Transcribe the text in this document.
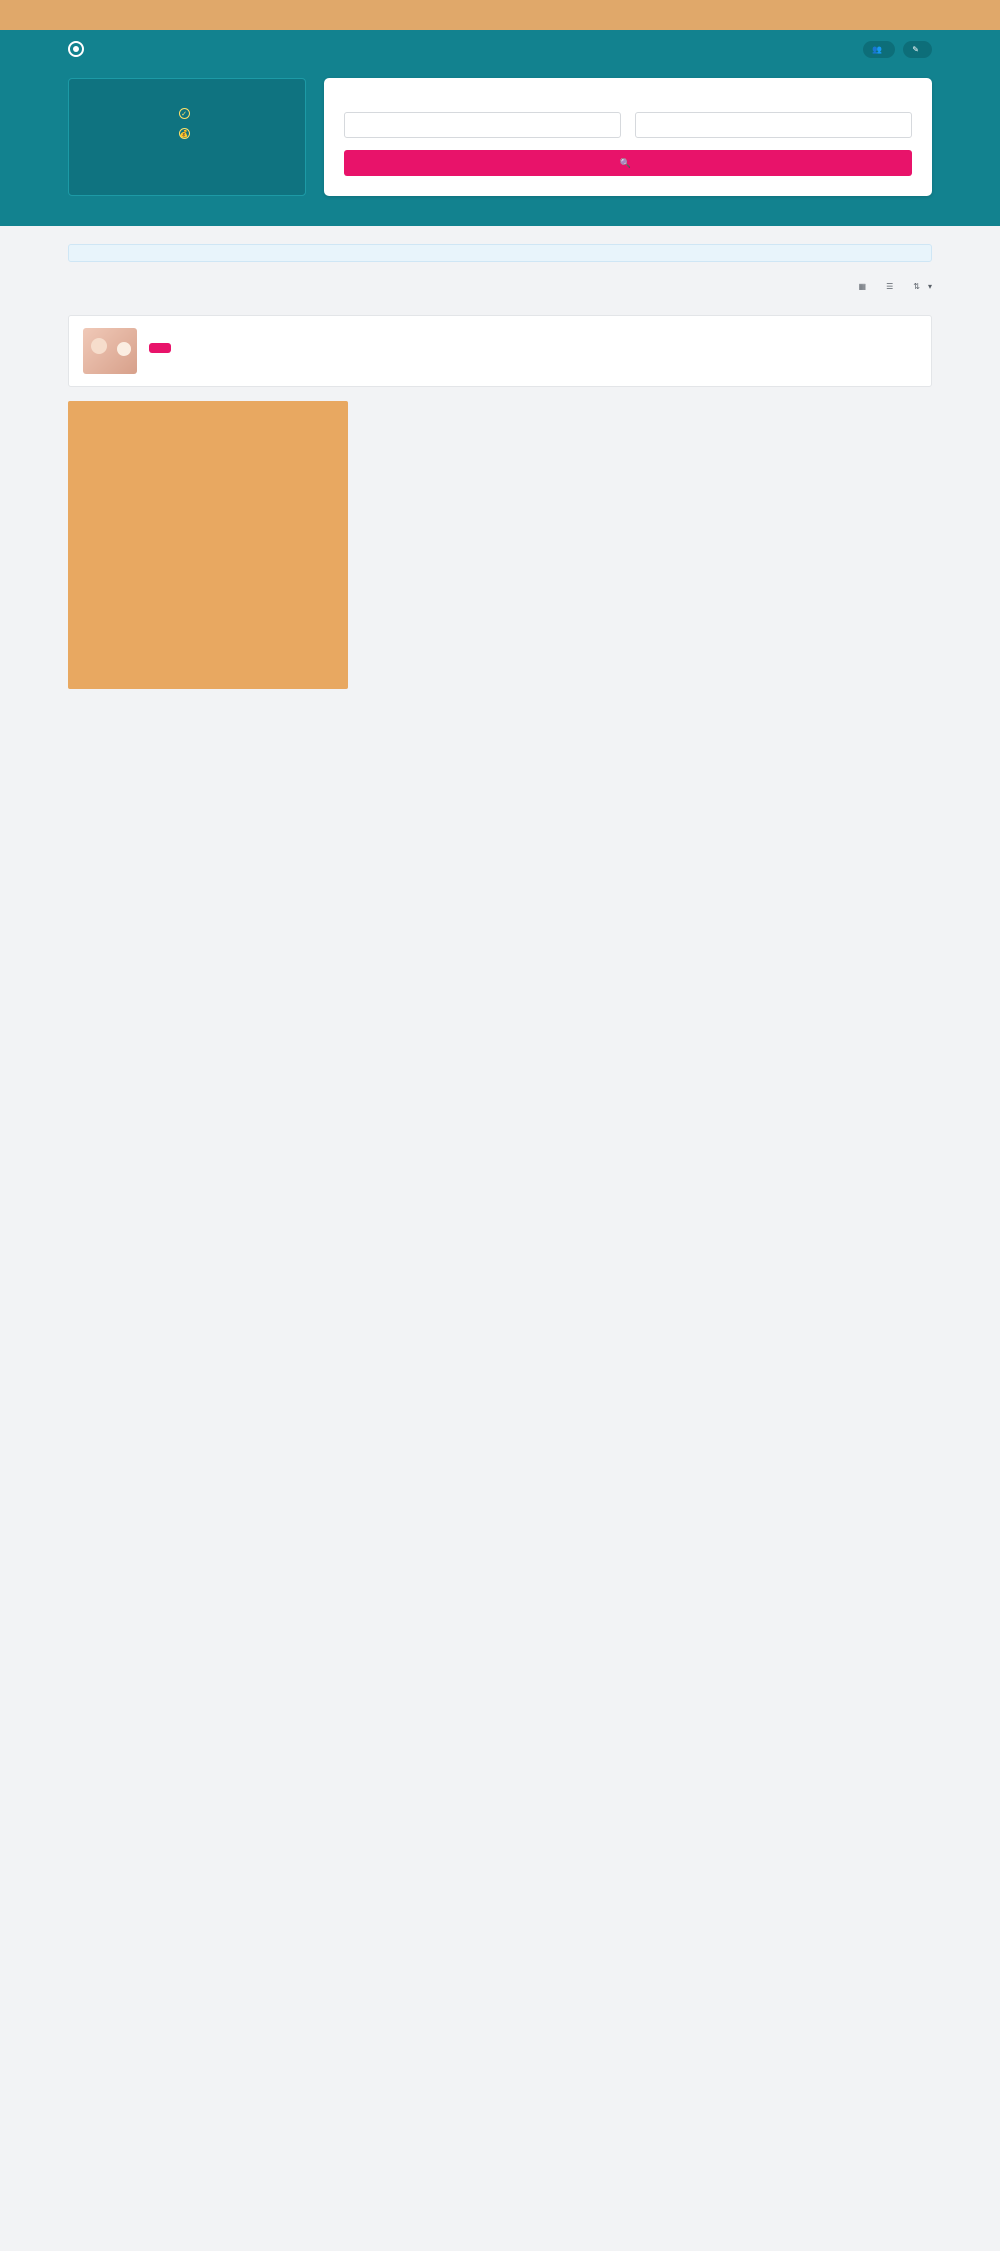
👥	✎
✓

💰

🔍
▦	☰	⇅ ▾
